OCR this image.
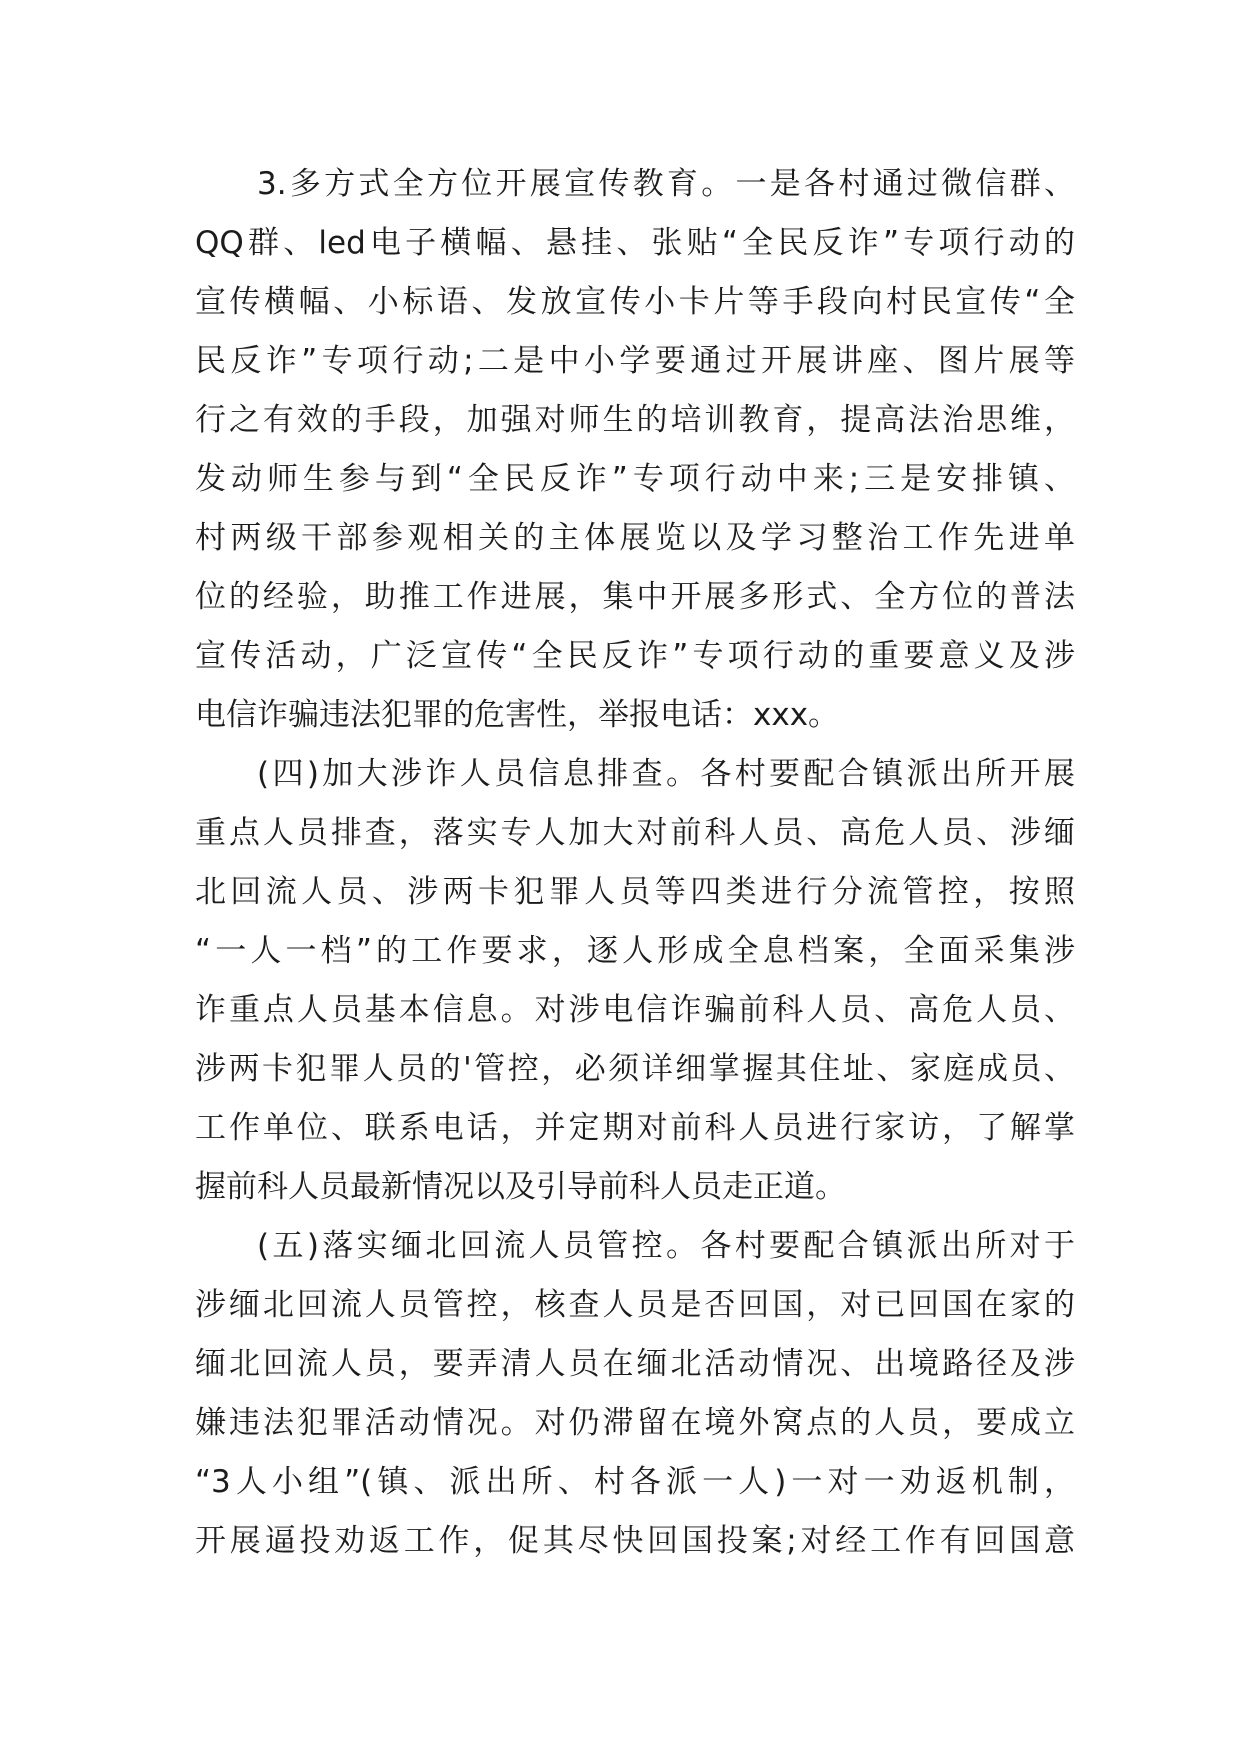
3.多方式全方位开展宣传教育。一是各村通过微信群、
QQ群、led电子横幅、悬挂、张贴“全民反诈”专项行动的
宣传横幅、小标语、发放宣传小卡片等手段向村民宣传“全
民反诈”专项行动;二是中小学要通过开展讲座、图片展等
行之有效的手段，加强对师生的培训教育，提高法治思维，
发动师生参与到“全民反诈”专项行动中来;三是安排镇、
村两级干部参观相关的主体展览以及学习整治工作先进单
位的经验，助推工作进展，集中开展多形式、全方位的普法
宣传活动，广泛宣传“全民反诈”专项行动的重要意义及涉
电信诈骗违法犯罪的危害性，举报电话：xxx。
(四)加大涉诈人员信息排查。各村要配合镇派出所开展
重点人员排查，落实专人加大对前科人员、高危人员、涉缅
北回流人员、涉两卡犯罪人员等四类进行分流管控，按照
“一人一档”的工作要求，逐人形成全息档案，全面采集涉
诈重点人员基本信息。对涉电信诈骗前科人员、高危人员、
涉两卡犯罪人员的'管控，必须详细掌握其住址、家庭成员、
工作单位、联系电话，并定期对前科人员进行家访，了解掌
握前科人员最新情况以及引导前科人员走正道。
(五)落实缅北回流人员管控。各村要配合镇派出所对于
涉缅北回流人员管控，核查人员是否回国，对已回国在家的
缅北回流人员，要弄清人员在缅北活动情况、出境路径及涉
嫌违法犯罪活动情况。对仍滞留在境外窝点的人员，要成立
“3人小组”(镇、派出所、村各派一人)一对一劝返机制，
开展逼投劝返工作，促其尽快回国投案;对经工作有回国意
